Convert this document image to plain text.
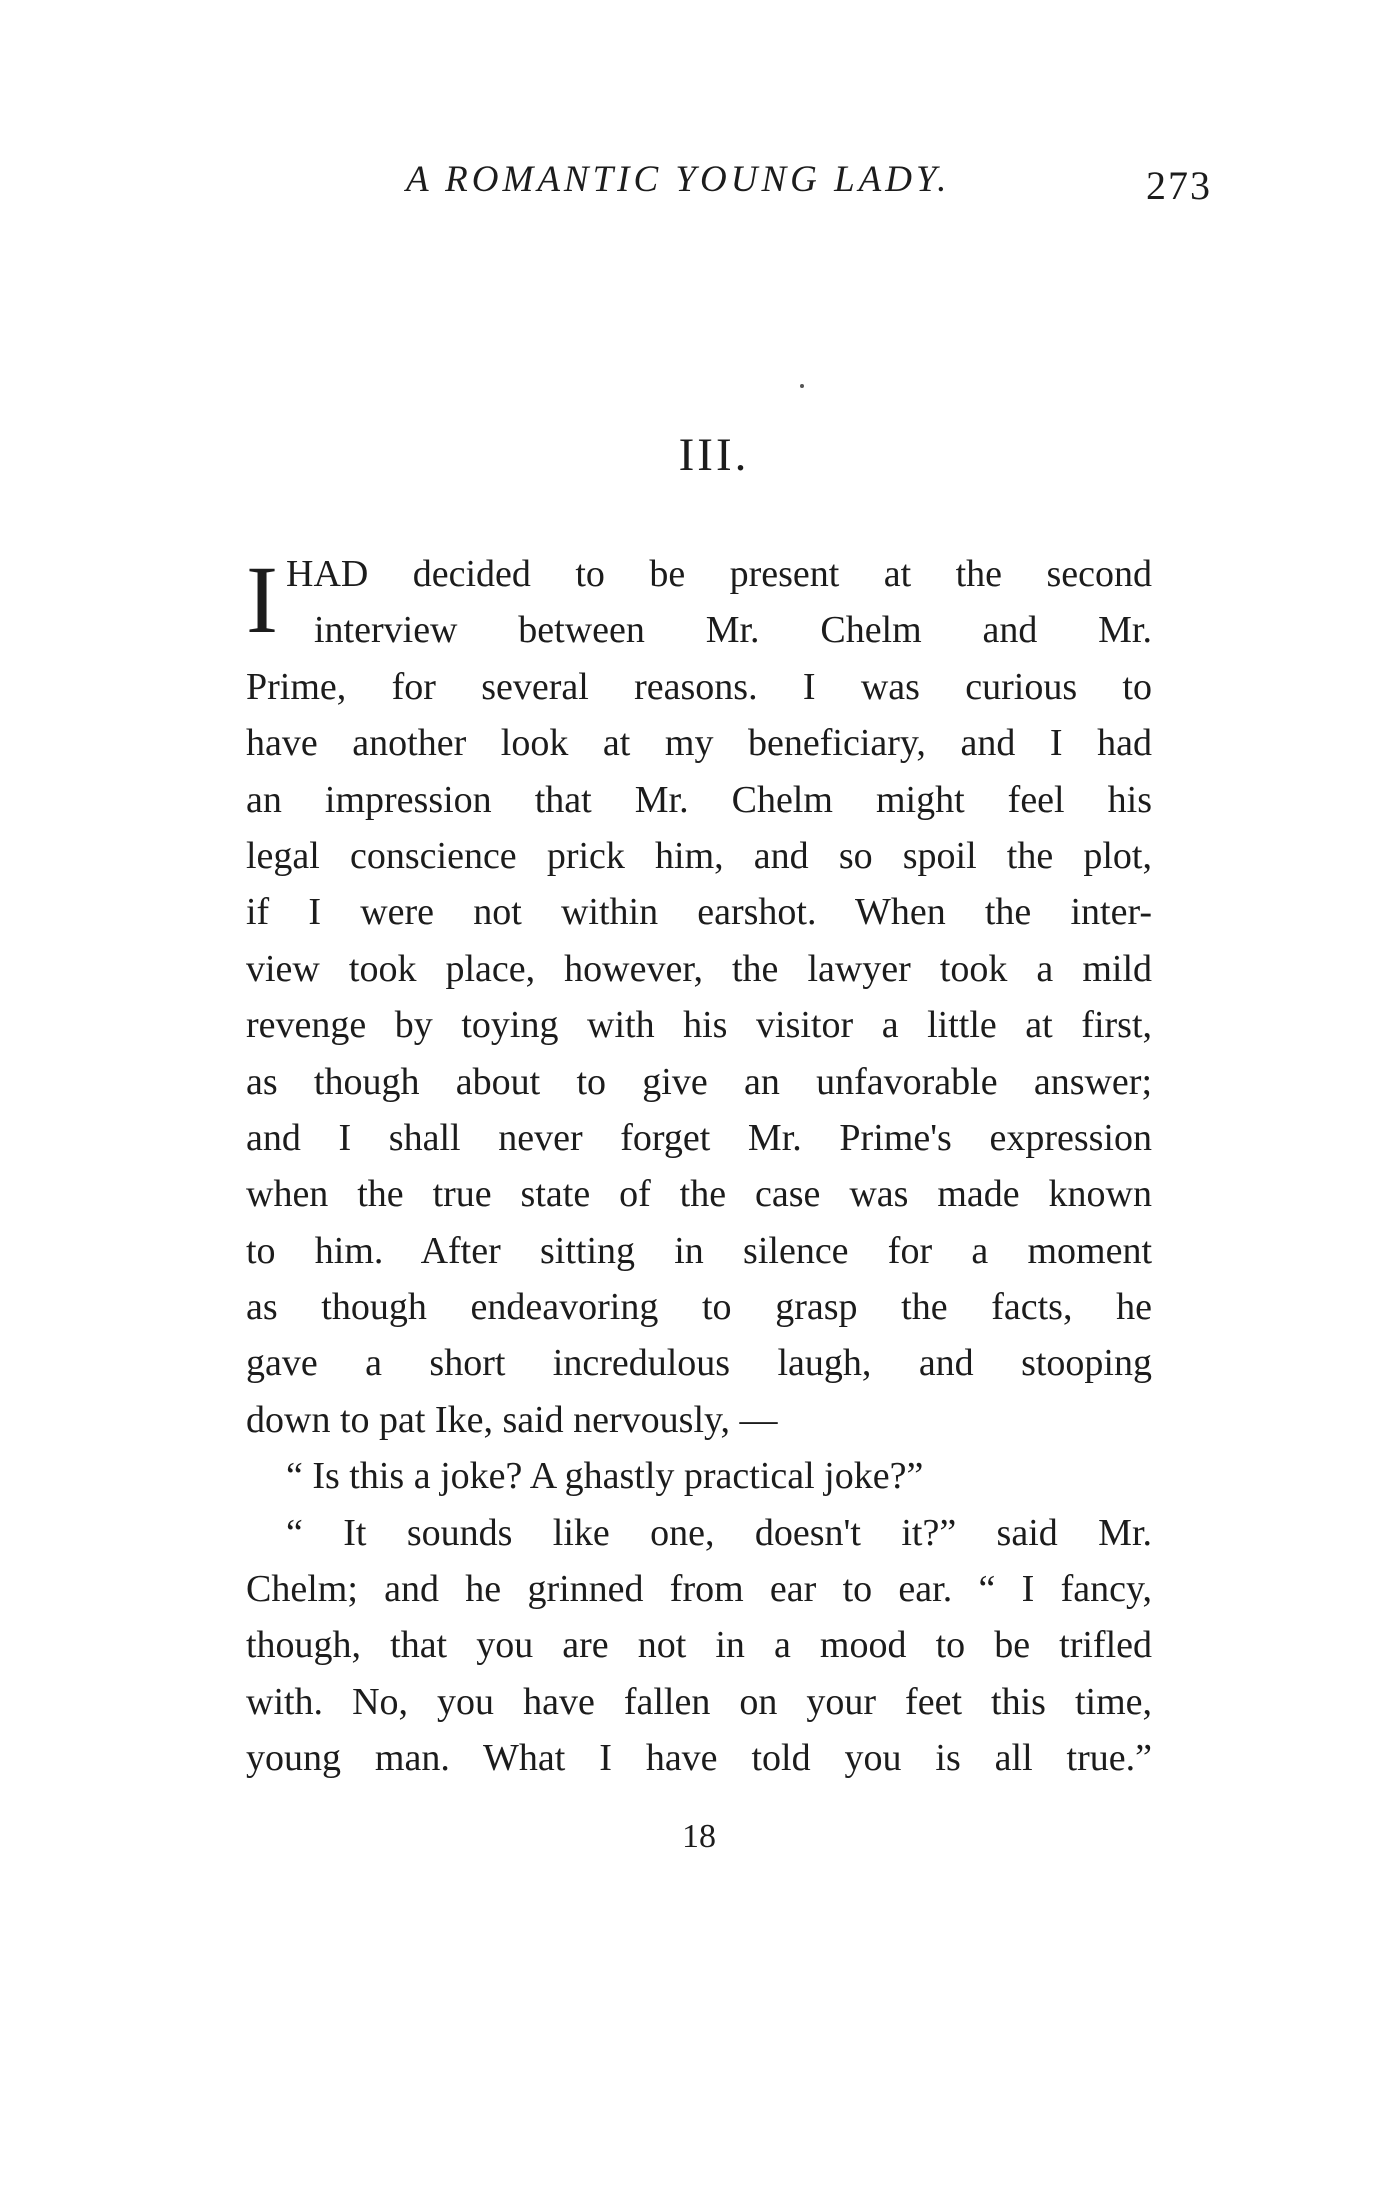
A ROMANTIC YOUNG LADY.	273
III.
I HAD decided to be present at the second
interview between Mr. Chelm and Mr.
Prime, for several reasons. I was curious to
have another look at my beneficiary, and I had
an impression that Mr. Chelm might feel his
legal conscience prick him, and so spoil the plot,
if I were not within earshot. When the inter-
view took place, however, the lawyer took a mild
revenge by toying with his visitor a little at first,
as though about to give an unfavorable answer;
and I shall never forget Mr. Prime's expression
when the true state of the case was made known
to him. After sitting in silence for a moment
as though endeavoring to grasp the facts, he
gave a short incredulous laugh, and stooping
down to pat Ike, said nervously, —
“ Is this a joke? A ghastly practical joke?”
“ It sounds like one, doesn't it?” said Mr.
Chelm; and he grinned from ear to ear. “ I fancy,
though, that you are not in a mood to be trifled
with. No, you have fallen on your feet this time,
young man. What I have told you is all true.”
18
